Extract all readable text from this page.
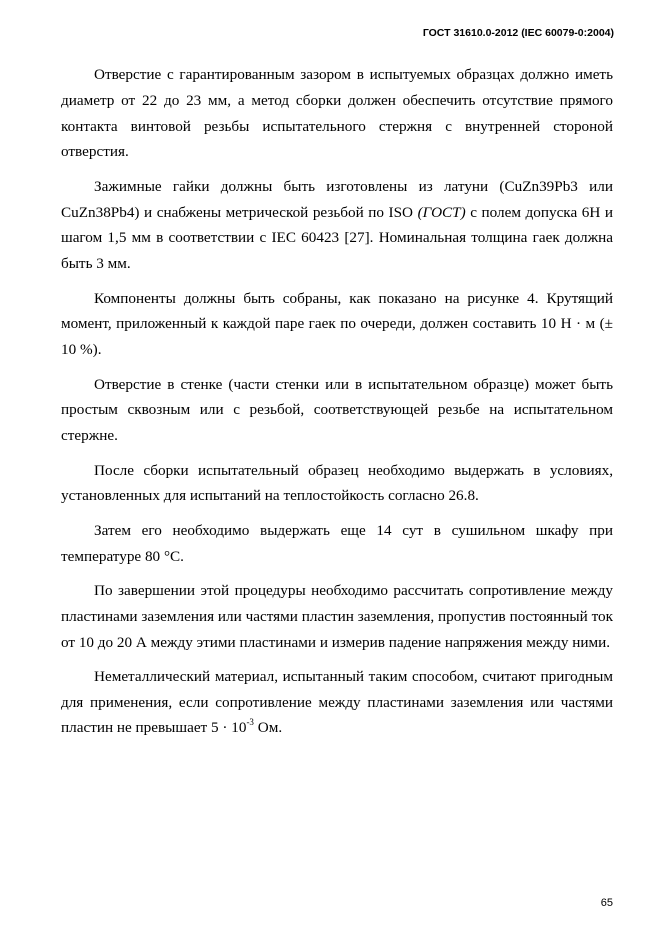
ГОСТ 31610.0-2012 (IEC 60079-0:2004)

Отверстие с гарантированным зазором в испытуемых образцах должно иметь диаметр от 22 до 23 мм, а метод сборки должен обеспечить отсутствие прямого контакта винтовой резьбы испытательного стержня с внутренней стороной отверстия.

Зажимные гайки должны быть изготовлены из латуни (CuZn39Pb3 или CuZn38Pb4) и снабжены метрической резьбой по ISO (ГОСТ) с полем допуска 6H и шагом 1,5 мм в соответствии с IEC 60423 [27]. Номинальная толщина гаек должна быть 3 мм.

Компоненты должны быть собраны, как показано на рисунке 4. Крутящий момент, приложенный к каждой паре гаек по очереди, должен составить 10 Н · м (± 10 %).

Отверстие в стенке (части стенки или в испытательном образце) может быть простым сквозным или с резьбой, соответствующей резьбе на испытательном стержне.

После сборки испытательный образец необходимо выдержать в условиях, установленных для испытаний на теплостойкость согласно 26.8.

Затем его необходимо выдержать еще 14 сут в сушильном шкафу при температуре 80 °С.

По завершении этой процедуры необходимо рассчитать сопротивление между пластинами заземления или частями пластин заземления, пропустив постоянный ток от 10 до 20 А между этими пластинами и измерив падение напряжения между ними.

Неметаллический материал, испытанный таким способом, считают пригодным для применения, если сопротивление между пластинами заземления или частями пластин не превышает $5 \cdot 10^{-3}$ Ом.

65
